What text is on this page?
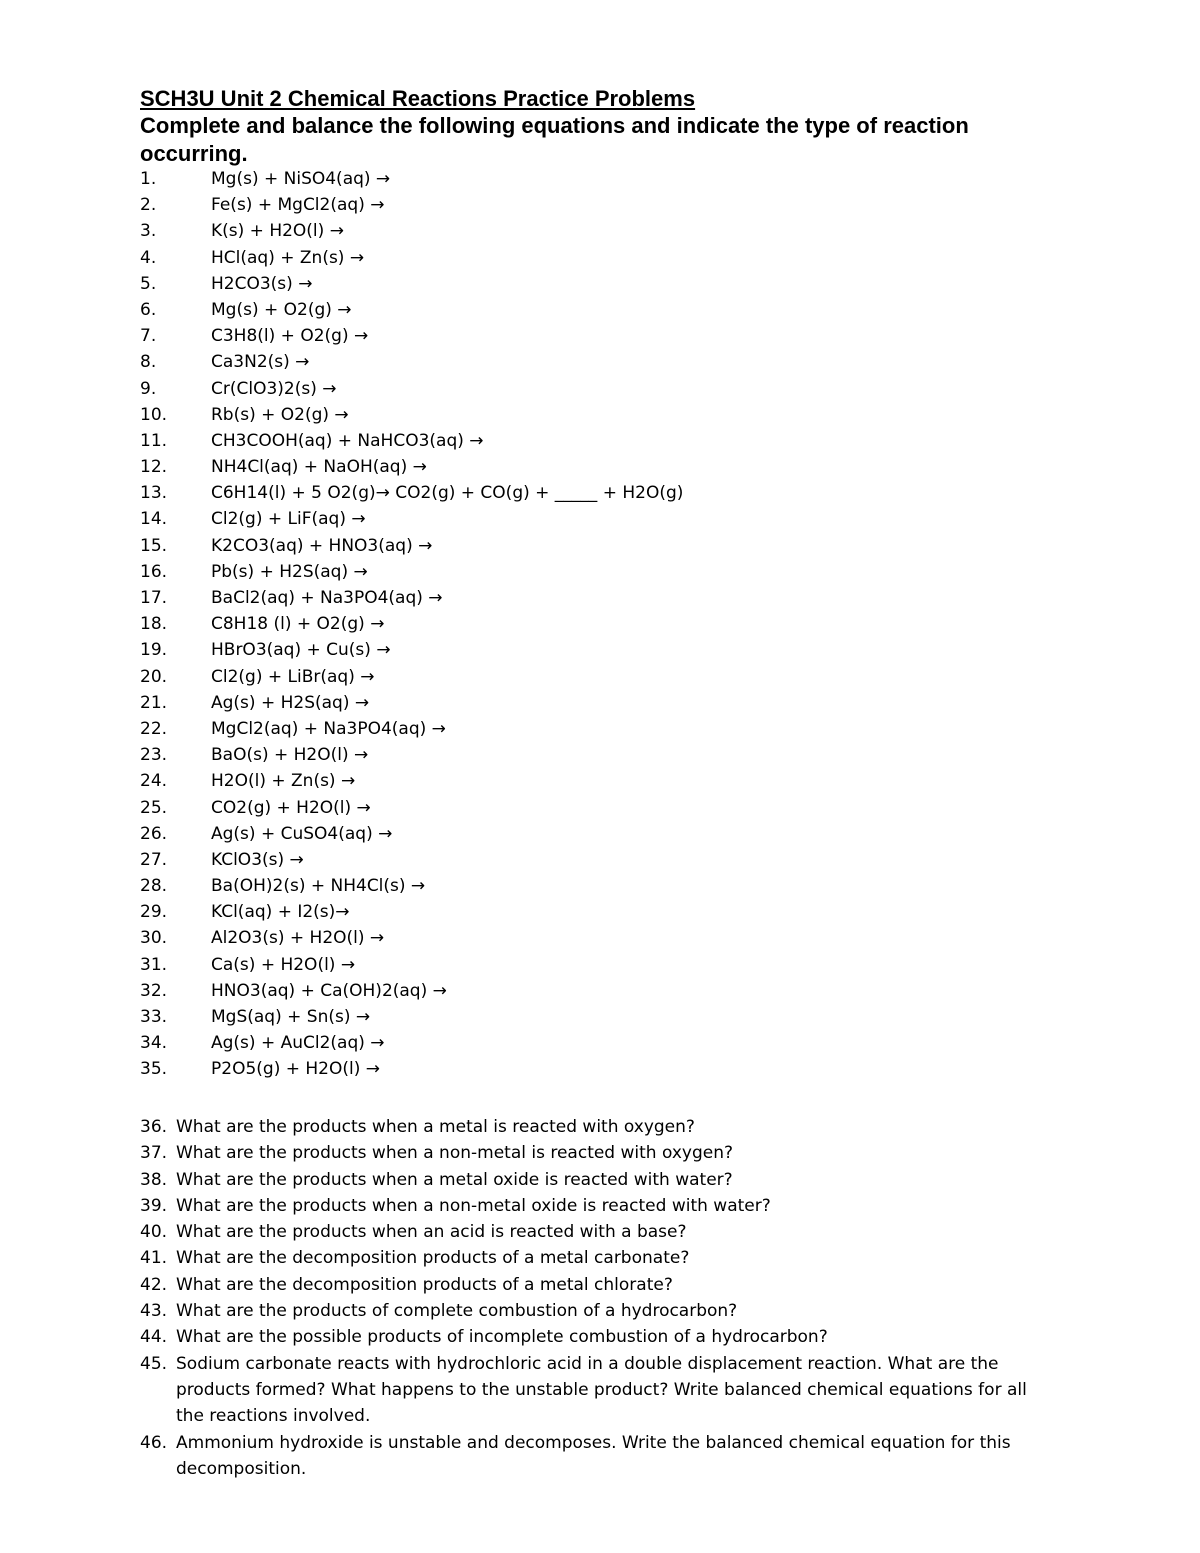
SCH3U Unit 2 Chemical Reactions Practice Problems
Complete and balance the following equations and indicate the type of reaction occurring.
1.	Mg(s) + NiSO4(aq) →
2.	Fe(s) + MgCl2(aq) →
3.	K(s) + H2O(l) →
4.	HCl(aq) + Zn(s) →
5.	H2CO3(s) →
6.	Mg(s) + O2(g) →
7.	C3H8(l) + O2(g) →
8.	Ca3N2(s) →
9.	Cr(ClO3)2(s) →
10.	Rb(s) + O2(g) →
11.	CH3COOH(aq) + NaHCO3(aq) →
12.	NH4Cl(aq) + NaOH(aq) →
13.	C6H14(l) + 5 O2(g)→ CO2(g) + CO(g) + _____ + H2O(g)
14.	Cl2(g) + LiF(aq) →
15.	K2CO3(aq) + HNO3(aq) →
16.	Pb(s) + H2S(aq) →
17.	BaCl2(aq) + Na3PO4(aq) →
18.	C8H18 (l) + O2(g) →
19.	HBrO3(aq) + Cu(s) →
20.	Cl2(g) + LiBr(aq) →
21.	Ag(s) + H2S(aq) →
22.	MgCl2(aq) + Na3PO4(aq) →
23.	BaO(s) + H2O(l) →
24.	H2O(l) + Zn(s) →
25.	CO2(g) + H2O(l) →
26.	Ag(s) + CuSO4(aq) →
27.	KClO3(s) →
28.	Ba(OH)2(s) + NH4Cl(s) →
29.	KCl(aq) + I2(s)→
30.	Al2O3(s) + H2O(l) →
31.	Ca(s) + H2O(l) →
32.	HNO3(aq) + Ca(OH)2(aq) →
33.	MgS(aq) + Sn(s) →
34.	Ag(s) + AuCl2(aq) →
35.	P2O5(g) + H2O(l) →
36. What are the products when a metal is reacted with oxygen?
37. What are the products when a non-metal is reacted with oxygen?
38. What are the products when a metal oxide is reacted with water?
39. What are the products when a non-metal oxide is reacted with water?
40. What are the products when an acid is reacted with a base?
41. What are the decomposition products of a metal carbonate?
42. What are the decomposition products of a metal chlorate?
43. What are the products of complete combustion of a hydrocarbon?
44. What are the possible products of incomplete combustion of a hydrocarbon?
45. Sodium carbonate reacts with hydrochloric acid in a double displacement reaction. What are the products formed? What happens to the unstable product? Write balanced chemical equations for all the reactions involved.
46. Ammonium hydroxide is unstable and decomposes. Write the balanced chemical equation for this decomposition.
